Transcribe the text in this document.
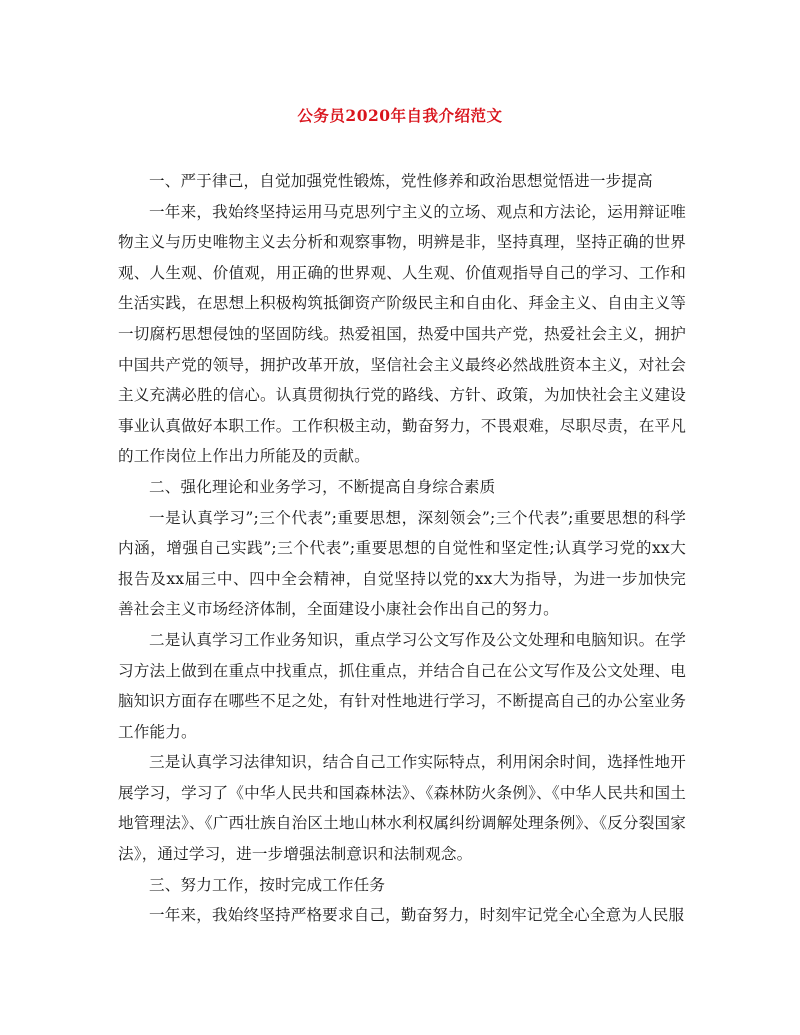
公务员2020年自我介绍范文

一、严于律己，自觉加强党性锻炼，党性修养和政治思想觉悟进一步提高

一年来，我始终坚持运用马克思列宁主义的立场、观点和方法论，运用辩证唯物主义与历史唯物主义去分析和观察事物，明辨是非，坚持真理，坚持正确的世界观、人生观、价值观，用正确的世界观、人生观、价值观指导自己的学习、工作和生活实践，在思想上积极构筑抵御资产阶级民主和自由化、拜金主义、自由主义等一切腐朽思想侵蚀的坚固防线。热爱祖国，热爱中国共产党，热爱社会主义，拥护中国共产党的领导，拥护改革开放，坚信社会主义最终必然战胜资本主义，对社会主义充满必胜的信心。认真贯彻执行党的路线、方针、政策，为加快社会主义建设事业认真做好本职工作。工作积极主动，勤奋努力，不畏艰难，尽职尽责，在平凡的工作岗位上作出力所能及的贡献。

二、强化理论和业务学习，不断提高自身综合素质

一是认真学习”;三个代表”;重要思想，深刻领会”;三个代表”;重要思想的科学内涵，增强自己实践”;三个代表”;重要思想的自觉性和坚定性;认真学习党的xx大报告及xx届三中、四中全会精神，自觉坚持以党的xx大为指导，为进一步加快完善社会主义市场经济体制，全面建设小康社会作出自己的努力。

二是认真学习工作业务知识，重点学习公文写作及公文处理和电脑知识。在学习方法上做到在重点中找重点，抓住重点，并结合自己在公文写作及公文处理、电脑知识方面存在哪些不足之处，有针对性地进行学习，不断提高自己的办公室业务工作能力。

三是认真学习法律知识，结合自己工作实际特点，利用闲余时间，选择性地开展学习，学习了《中华人民共和国森林法》、《森林防火条例》、《中华人民共和国土地管理法》、《广西壮族自治区土地山林水利权属纠纷调解处理条例》、《反分裂国家法》，通过学习，进一步增强法制意识和法制观念。

三、努力工作，按时完成工作任务

一年来，我始终坚持严格要求自己，勤奋努力，时刻牢记党全心全意为人民服
